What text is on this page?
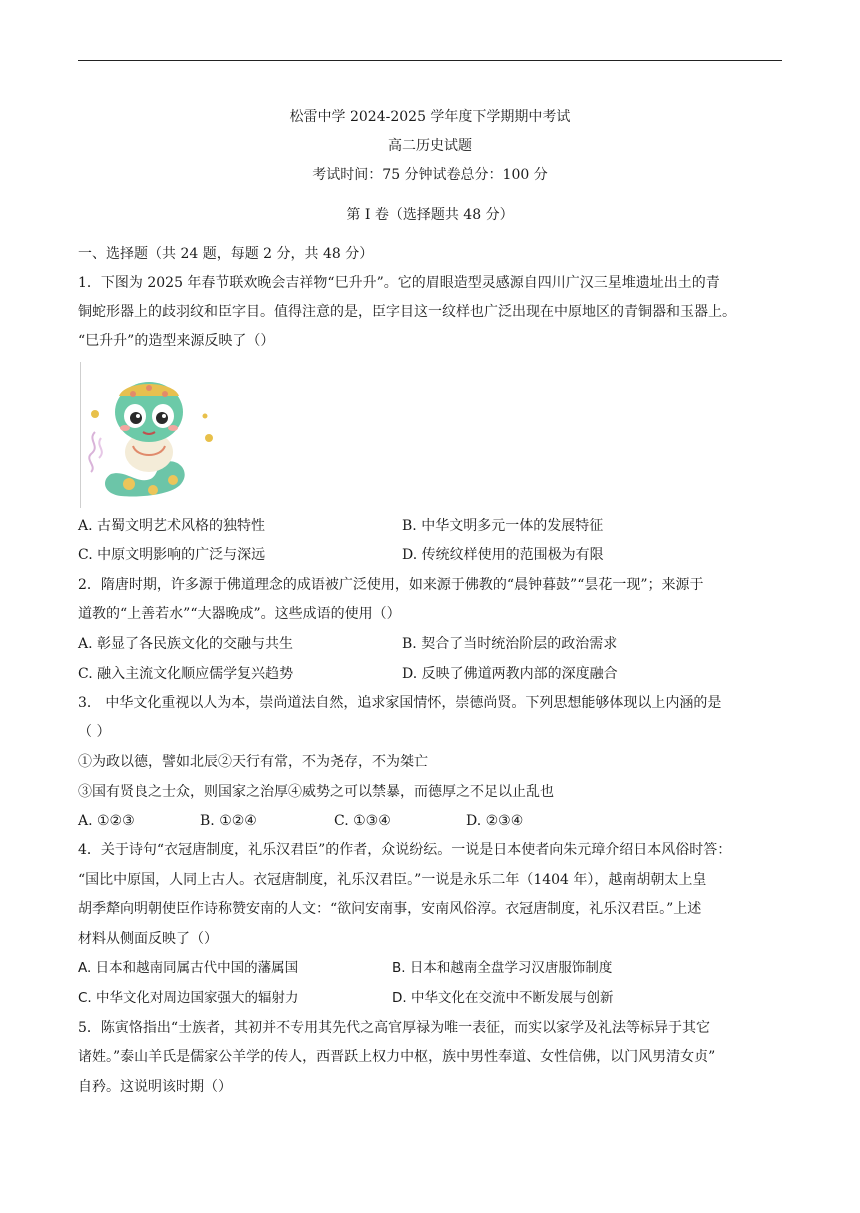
松雷中学 2024-2025 学年度下学期期中考试
高二历史试题
考试时间：75 分钟试卷总分：100 分
第 I 卷（选择题共 48 分）
一、选择题（共 24 题，每题 2 分，共 48 分）
1．下图为 2025 年春节联欢晚会吉祥物“巳升升”。它的眉眼造型灵感源自四川广汉三星堆遗址出土的青
铜蛇形器上的歧羽纹和臣字目。值得注意的是，臣字目这一纹样也广泛出现在中原地区的青铜器和玉器上。
“巳升升”的造型来源反映了（）
A. 古蜀文明艺术风格的独特性	B. 中华文明多元一体的发展特征
C. 中原文明影响的广泛与深远	D. 传统纹样使用的范围极为有限
2．隋唐时期，许多源于佛道理念的成语被广泛使用，如来源于佛教的“晨钟暮鼓”“昙花一现”；来源于
道教的“上善若水”“大器晚成”。这些成语的使用（）
A. 彰显了各民族文化的交融与共生	B. 契合了当时统治阶层的政治需求
C. 融入主流文化顺应儒学复兴趋势	D. 反映了佛道两教内部的深度融合
3． 中华文化重视以人为本，崇尚道法自然，追求家国情怀，崇德尚贤。下列思想能够体现以上内涵的是
（ ）
①为政以德，譬如北辰②天行有常，不为尧存，不为桀亡
③国有贤良之士众，则国家之治厚④威势之可以禁暴，而德厚之不足以止乱也
A. ①②③	B. ①②④	C. ①③④	D. ②③④
4．关于诗句“衣冠唐制度，礼乐汉君臣”的作者，众说纷纭。一说是日本使者向朱元璋介绍日本风俗时答：
“国比中原国，人同上古人。衣冠唐制度，礼乐汉君臣。”一说是永乐二年（1404 年），越南胡朝太上皇
胡季犛向明朝使臣作诗称赞安南的人文：“欲问安南事，安南风俗淳。衣冠唐制度，礼乐汉君臣。”上述
材料从侧面反映了（）
A. 日本和越南同属古代中国的藩属国	B. 日本和越南全盘学习汉唐服饰制度
C. 中华文化对周边国家强大的辐射力	D. 中华文化在交流中不断发展与创新
5．陈寅恪指出“士族者，其初并不专用其先代之高官厚禄为唯一表征，而实以家学及礼法等标异于其它
诸姓。”泰山羊氏是儒家公羊学的传人，西晋跃上权力中枢，族中男性奉道、女性信佛，以门风男清女贞”
自矜。这说明该时期（）
